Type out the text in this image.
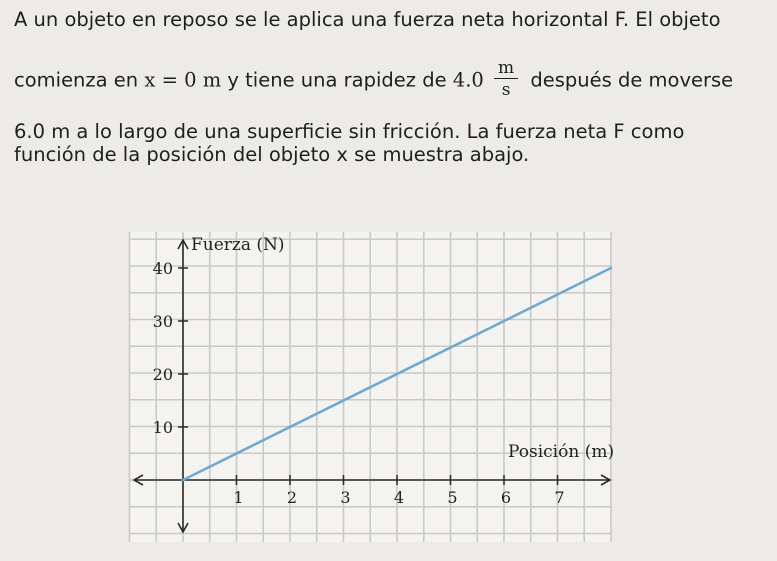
A un objeto en reposo se le aplica una fuerza neta horizontal F. El objeto
comienza en x = 0 m y tiene una rapidez de $4.0 \frac{m}{s}$ después de moverse
6.0 m a lo largo de una superficie sin fricción. La fuerza neta F como
función de la posición del objeto x se muestra abajo.
1	2	3	4	5	6	7
10
20
30
40
Fuerza (N)
Posición (m)
